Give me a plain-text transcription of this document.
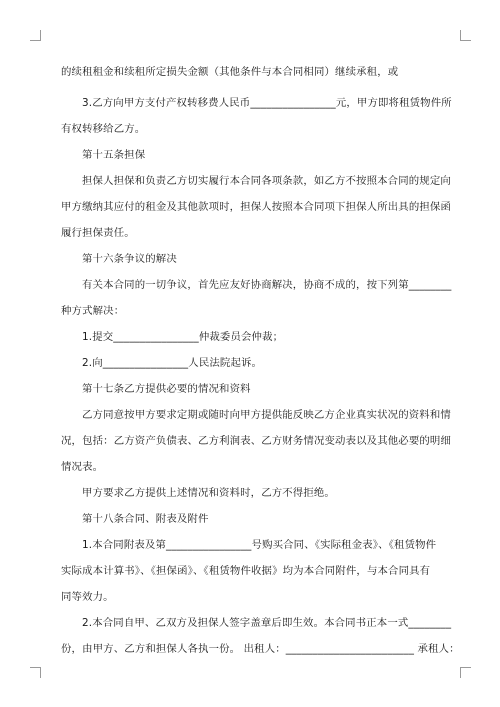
的续租租金和续租所定损失金额（其他条件与本合同相同）继续承租，或
3.乙方向甲方支付产权转移费人民币________________元，甲方即将租赁物件所
有权转移给乙方。
第十五条担保
担保人担保和负责乙方切实履行本合同各项条款，如乙方不按照本合同的规定向
甲方缴纳其应付的租金及其他款项时，担保人按照本合同项下担保人所出具的担保函
履行担保责任。
第十六条争议的解决
有关本合同的一切争议，首先应友好协商解决，协商不成的，按下列第________
种方式解决：
1.提交________________仲裁委员会仲裁；
2.向________________人民法院起诉。
第十七条乙方提供必要的情况和资料
乙方同意按甲方要求定期或随时向甲方提供能反映乙方企业真实状况的资料和情
况，包括：乙方资产负债表、乙方利润表、乙方财务情况变动表以及其他必要的明细
情况表。
甲方要求乙方提供上述情况和资料时，乙方不得拒绝。
第十八条合同、附表及附件
1.本合同附表及第________________号购买合同、《实际租金表》、《租赁物件
实际成本计算书》、《担保函》、《租赁物件收据》均为本合同附件，与本合同具有
同等效力。
2.本合同自甲、乙双方及担保人签字盖章后即生效。本合同书正本一式________
份，由甲方、乙方和担保人各执一份。 出租人：________________________ 承租人：
